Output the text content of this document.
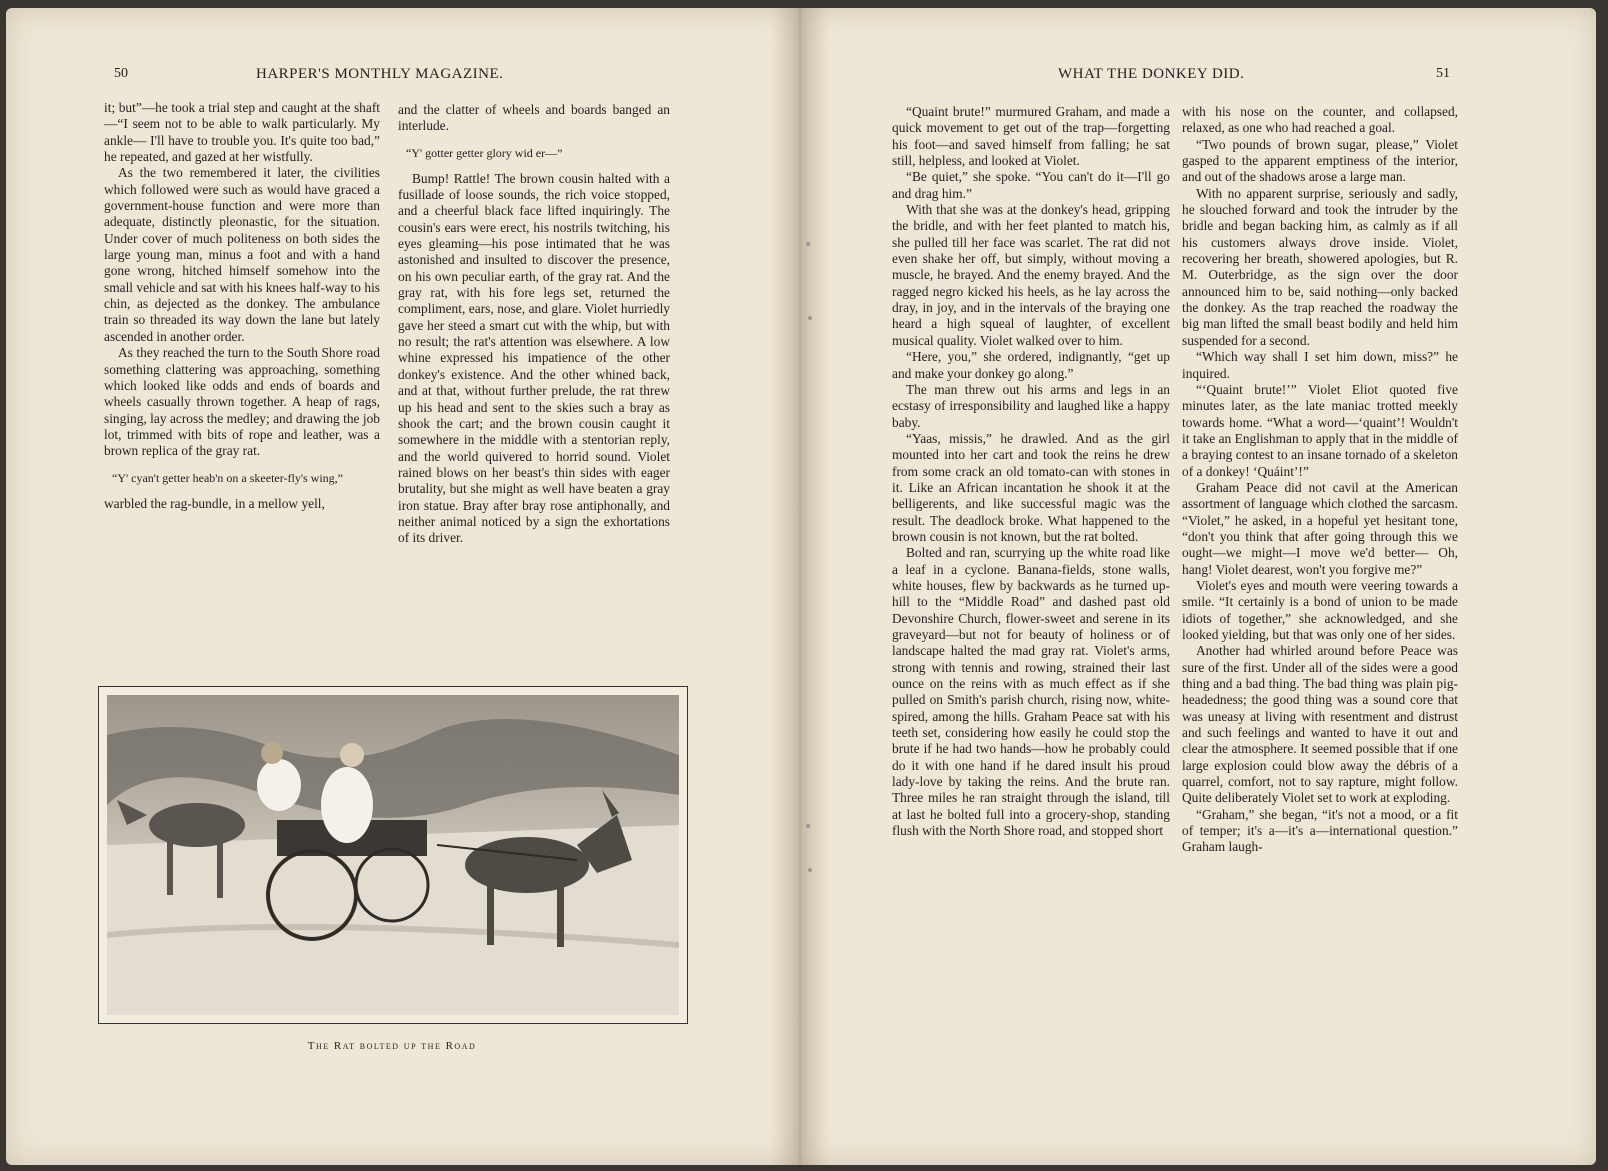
50	HARPER'S MONTHLY MAGAZINE.	WHAT THE DONKEY DID.	51

it; but”—he took a trial step and caught at the shaft—“I seem not to be able to walk particularly. My ankle— I'll have to trouble you. It's quite too bad,” he repeated, and gazed at her wistfully.

As the two remembered it later, the civilities which followed were such as would have graced a government-house function and were more than adequate, distinctly pleonastic, for the situation. Under cover of much politeness on both sides the large young man, minus a foot and with a hand gone wrong, hitched himself somehow into the small vehicle and sat with his knees half-way to his chin, as dejected as the donkey. The ambulance train so threaded its way down the lane but lately ascended in another order.

As they reached the turn to the South Shore road something clattering was approaching, something which looked like odds and ends of boards and wheels casually thrown together. A heap of rags, singing, lay across the medley; and drawing the job lot, trimmed with bits of rope and leather, was a brown replica of the gray rat.

“Y' cyan't getter heab'n on a skeeter-fly's wing,”

warbled the rag-bundle, in a mellow yell,

and the clatter of wheels and boards banged an interlude.

“Y' gotter getter glory wid er—”

Bump! Rattle! The brown cousin halted with a fusillade of loose sounds, the rich voice stopped, and a cheerful black face lifted inquiringly. The cousin's ears were erect, his nostrils twitching, his eyes gleaming—his pose intimated that he was astonished and insulted to discover the presence, on his own peculiar earth, of the gray rat. And the gray rat, with his fore legs set, returned the compliment, ears, nose, and glare. Violet hurriedly gave her steed a smart cut with the whip, but with no result; the rat's attention was elsewhere. A low whine expressed his impatience of the other donkey's existence. And the other whined back, and at that, without further prelude, the rat threw up his head and sent to the skies such a bray as shook the cart; and the brown cousin caught it somewhere in the middle with a stentorian reply, and the world quivered to horrid sound. Violet rained blows on her beast's thin sides with eager brutality, but she might as well have beaten a gray iron statue. Bray after bray rose antiphonally, and neither animal noticed by a sign the exhortations of its driver.

The Rat bolted up the Road

“Quaint brute!” murmured Graham, and made a quick movement to get out of the trap—forgetting his foot—and saved himself from falling; he sat still, helpless, and looked at Violet.

“Be quiet,” she spoke. “You can't do it—I'll go and drag him.”

With that she was at the donkey's head, gripping the bridle, and with her feet planted to match his, she pulled till her face was scarlet. The rat did not even shake her off, but simply, without moving a muscle, he brayed. And the enemy brayed. And the ragged negro kicked his heels, as he lay across the dray, in joy, and in the intervals of the braying one heard a high squeal of laughter, of excellent musical quality. Violet walked over to him.

“Here, you,” she ordered, indignantly, “get up and make your donkey go along.”

The man threw out his arms and legs in an ecstasy of irresponsibility and laughed like a happy baby.

“Yaas, missis,” he drawled. And as the girl mounted into her cart and took the reins he drew from some crack an old tomato-can with stones in it. Like an African incantation he shook it at the belligerents, and like successful magic was the result. The deadlock broke. What happened to the brown cousin is not known, but the rat bolted.

Bolted and ran, scurrying up the white road like a leaf in a cyclone. Banana-fields, stone walls, white houses, flew by backwards as he turned up-hill to the “Middle Road” and dashed past old Devonshire Church, flower-sweet and serene in its graveyard—but not for beauty of holiness or of landscape halted the mad gray rat. Violet's arms, strong with tennis and rowing, strained their last ounce on the reins with as much effect as if she pulled on Smith's parish church, rising now, white-spired, among the hills. Graham Peace sat with his teeth set, considering how easily he could stop the brute if he had two hands—how he probably could do it with one hand if he dared insult his proud lady-love by taking the reins. And the brute ran. Three miles he ran straight through the island, till at last he bolted full into a grocery-shop, standing flush with the North Shore road, and stopped short

with his nose on the counter, and collapsed, relaxed, as one who had reached a goal.

“Two pounds of brown sugar, please,” Violet gasped to the apparent emptiness of the interior, and out of the shadows arose a large man.

With no apparent surprise, seriously and sadly, he slouched forward and took the intruder by the bridle and began backing him, as calmly as if all his customers always drove inside. Violet, recovering her breath, showered apologies, but R. M. Outerbridge, as the sign over the door announced him to be, said nothing—only backed the donkey. As the trap reached the roadway the big man lifted the small beast bodily and held him suspended for a second.

“Which way shall I set him down, miss?” he inquired.

“‘Quaint brute!’” Violet Eliot quoted five minutes later, as the late maniac trotted meekly towards home. “What a word—‘quaint’! Wouldn't it take an Englishman to apply that in the middle of a braying contest to an insane tornado of a skeleton of a donkey! ‘Quáint’!”

Graham Peace did not cavil at the American assortment of language which clothed the sarcasm. “Violet,” he asked, in a hopeful yet hesitant tone, “don't you think that after going through this we ought—we might—I move we'd better— Oh, hang! Violet dearest, won't you forgive me?”

Violet's eyes and mouth were veering towards a smile. “It certainly is a bond of union to be made idiots of together,” she acknowledged, and she looked yielding, but that was only one of her sides.

Another had whirled around before Peace was sure of the first. Under all of the sides were a good thing and a bad thing. The bad thing was plain pig-headedness; the good thing was a sound core that was uneasy at living with resentment and distrust and such feelings and wanted to have it out and clear the atmosphere. It seemed possible that if one large explosion could blow away the débris of a quarrel, comfort, not to say rapture, might follow. Quite deliberately Violet set to work at exploding.

“Graham,” she began, “it's not a mood, or a fit of temper; it's a—it's a—international question.” Graham laugh-
